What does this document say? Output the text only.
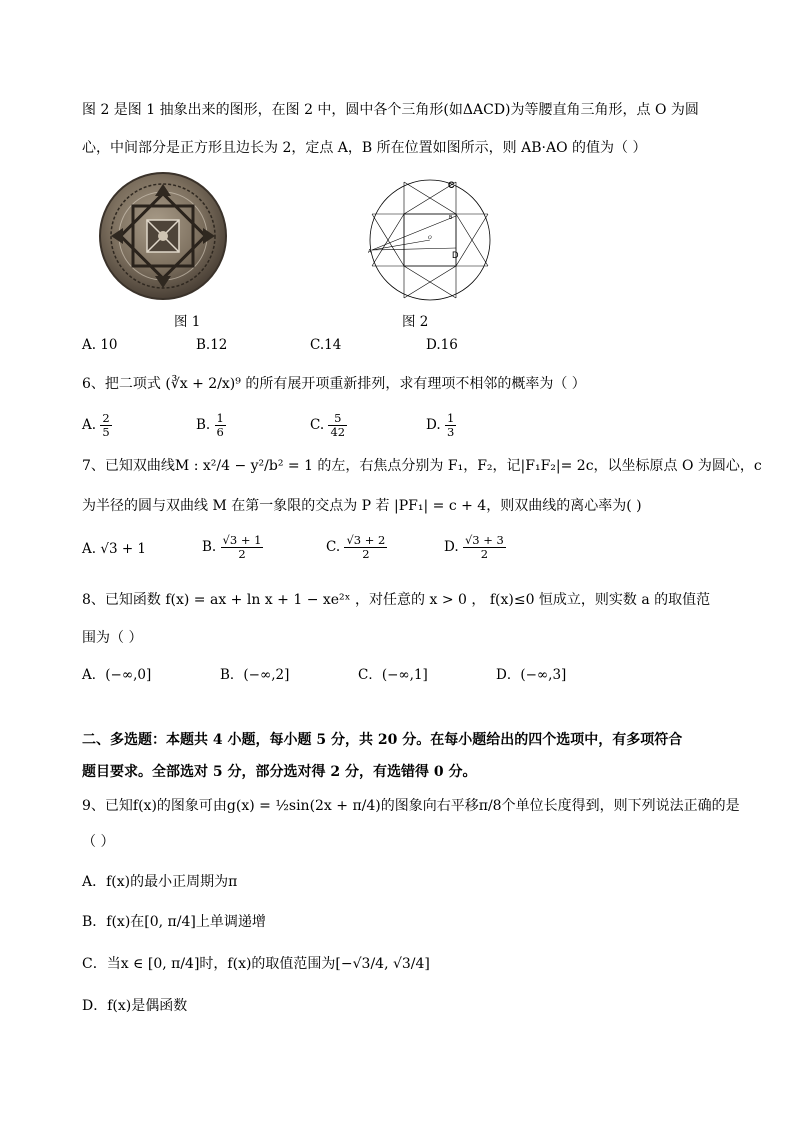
图 2 是图 1 抽象出来的图形，在图 2 中，圆中各个三角形(如ΔACD)为等腰直角三角形，点 O 为圆
心，中间部分是正方形且边长为 2，定点 A，B 所在位置如图所示，则 AB·AO 的值为（ ）
C
B
O
A	D
图 1	图 2
A. 10	B.12	C.14	D.16
6、把二项式 (∛x + 2/x)⁹ 的所有展开项重新排列，求有理项不相邻的概率为（ ）
A. $\frac{2}{5}$	B. $\frac{1}{6}$	C. $\frac{5}{42}$	D. $\frac{1}{3}$
7、已知双曲线M : x²/4 − y²/b² = 1 的左，右焦点分别为 F₁，F₂，记|F₁F₂|= 2c，以坐标原点 O 为圆心，c
为半径的圆与双曲线 M 在第一象限的交点为 P 若 |PF₁| = c + 4，则双曲线的离心率为( )
A. √3 + 1	B. $\frac{√3 + 1}{2}$	C. $\frac{√3 + 2}{2}$	D. $\frac{√3 + 3}{2}$
8、已知函数 f(x) = ax + ln x + 1 − xe²ˣ ，对任意的 x > 0 ， f(x)≤0 恒成立，则实数 a 的取值范
围为（ ）
A．(−∞,0]	B．(−∞,2]	C．(−∞,1]	D．(−∞,3]
二、多选题：本题共 4 小题，每小题 5 分，共 20 分。在每小题给出的四个选项中，有多项符合
题目要求。全部选对 5 分，部分选对得 2 分，有选错得 0 分。
9、已知f(x)的图象可由g(x) = ½sin(2x + π/4)的图象向右平移π/8个单位长度得到，则下列说法正确的是
（ ）
A．f(x)的最小正周期为π
B．f(x)在[0, π/4]上单调递增
C．当x ∈ [0, π/4]时，f(x)的取值范围为[−√3/4, √3/4]
D．f(x)是偶函数
